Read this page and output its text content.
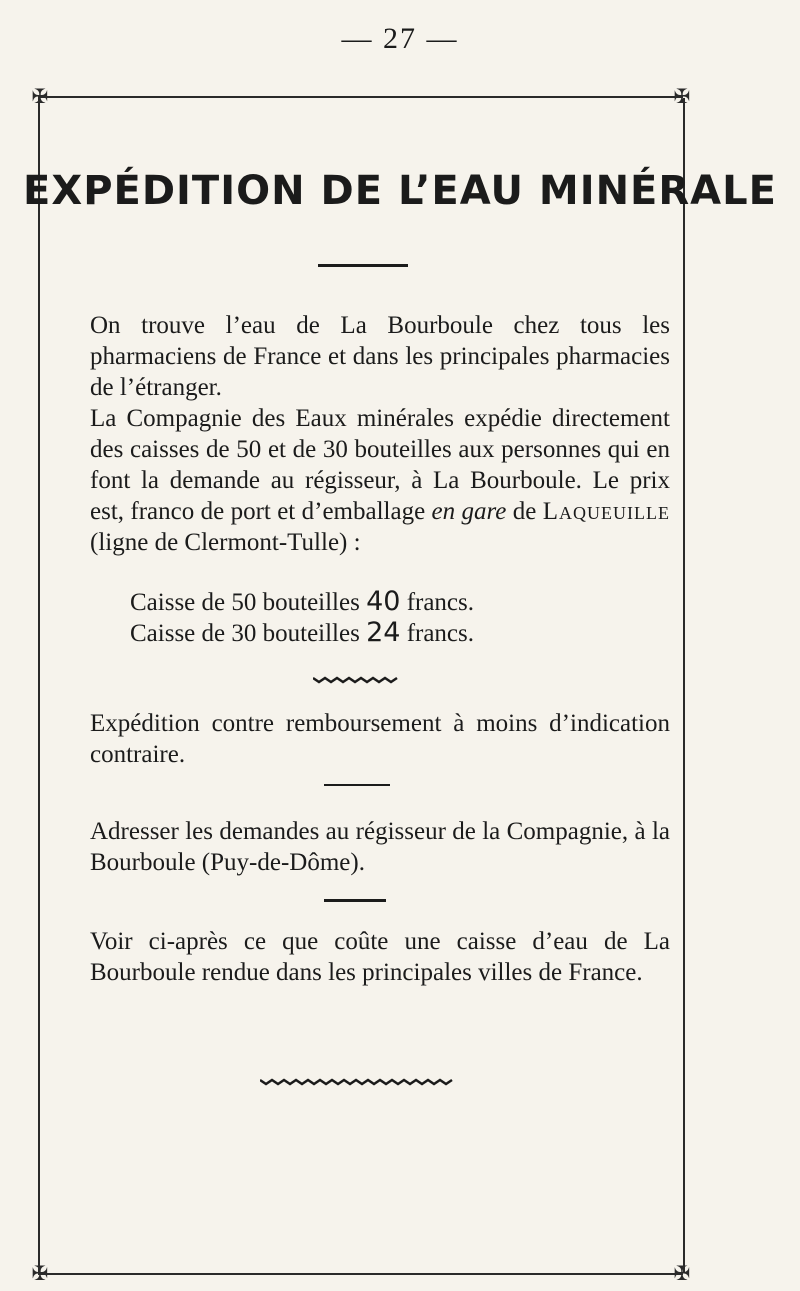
— 27 —
✠	✠
✠	✠
EXPÉDITION DE L’EAU MINÉRALE
On trouve l’eau de La Bourboule chez tous les pharmaciens de France et dans les principales pharmacies de l’étranger.
La Compagnie des Eaux minérales expédie directement des caisses de 50 et de 30 bouteilles aux personnes qui en font la demande au régisseur, à La Bourboule. Le prix est, franco de port et d’emballage en gare de Laqueuille (ligne de Clermont-Tulle) :
Caisse de 50 bouteilles 40 francs.
Caisse de 30 bouteilles 24 francs.
Expédition contre remboursement à moins d’indication contraire.
Adresser les demandes au régisseur de la Compagnie, à la Bourboule (Puy-de-Dôme).
Voir ci-après ce que coûte une caisse d’eau de La Bourboule rendue dans les principales villes de France.
